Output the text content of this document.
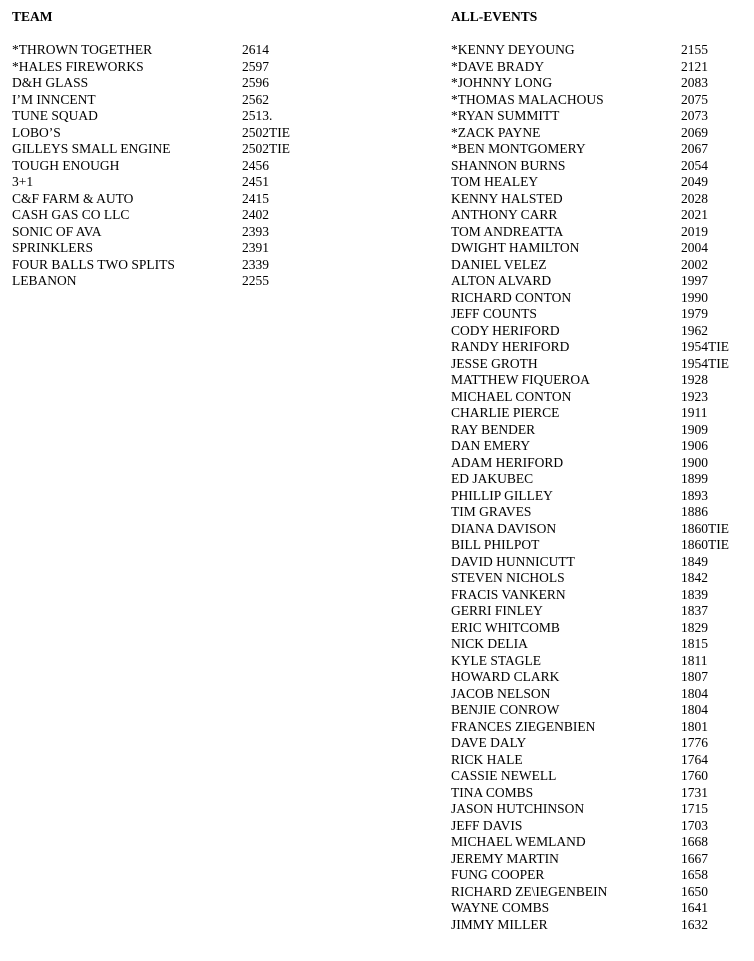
TEAM
*THROWN TOGETHER	2614
*HALES FIREWORKS	2597
D&H GLASS	2596
I’M INNCENT	2562
TUNE SQUAD	2513.
LOBO’S	2502TIE
GILLEYS SMALL ENGINE	2502TIE
TOUGH ENOUGH	2456
3+1	2451
C&F FARM & AUTO	2415
CASH GAS CO LLC	2402
SONIC OF AVA	2393
SPRINKLERS	2391
FOUR BALLS TWO SPLITS	2339
LEBANON	2255
ALL-EVENTS
*KENNY DEYOUNG	2155
*DAVE BRADY	2121
*JOHNNY LONG	2083
*THOMAS MALACHOUS	2075
*RYAN SUMMITT	2073
*ZACK PAYNE	2069
*BEN MONTGOMERY	2067
SHANNON BURNS	2054
TOM HEALEY	2049
KENNY HALSTED	2028
ANTHONY CARR	2021
TOM ANDREATTA	2019
DWIGHT HAMILTON	2004
DANIEL VELEZ	2002
ALTON ALVARD	1997
RICHARD CONTON	1990
JEFF COUNTS	1979
CODY HERIFORD	1962
RANDY HERIFORD	1954TIE
JESSE GROTH	1954TIE
MATTHEW FIQUEROA	1928
MICHAEL CONTON	1923
CHARLIE PIERCE	1911
RAY BENDER	1909
DAN EMERY	1906
ADAM HERIFORD	1900
ED JAKUBEC	1899
PHILLIP GILLEY	1893
TIM GRAVES	1886
DIANA DAVISON	1860TIE
BILL PHILPOT	1860TIE
DAVID HUNNICUTT	1849
STEVEN NICHOLS	1842
FRACIS VANKERN	1839
GERRI FINLEY	1837
ERIC WHITCOMB	1829
NICK DELIA	1815
KYLE STAGLE	1811
HOWARD CLARK	1807
JACOB NELSON	1804
BENJIE CONROW	1804
FRANCES ZIEGENBIEN	1801
DAVE DALY	1776
RICK HALE	1764
CASSIE NEWELL	1760
TINA COMBS	1731
JASON HUTCHINSON	1715
JEFF DAVIS	1703
MICHAEL WEMLAND	1668
JEREMY MARTIN	1667
FUNG COOPER	1658
RICHARD ZE\IEGENBEIN	1650
WAYNE COMBS	1641
JIMMY MILLER	1632
